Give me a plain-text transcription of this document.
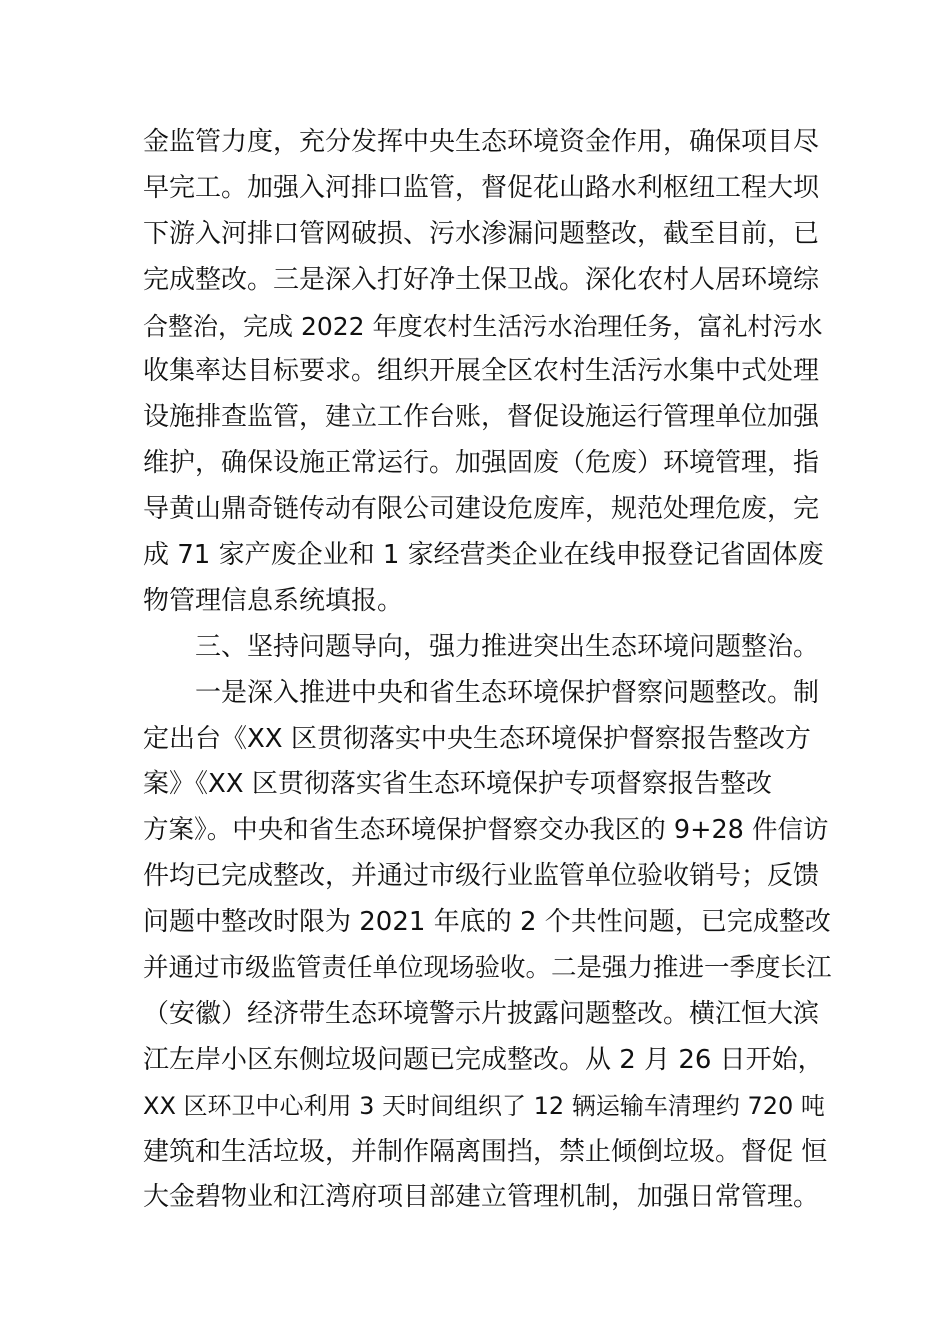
金监管力度，充分发挥中央生态环境资金作用，确保项目尽
早完工。加强入河排口监管，督促花山路水利枢纽工程大坝
下游入河排口管网破损、污水渗漏问题整改，截至目前，已
完成整改。三是深入打好净土保卫战。深化农村人居环境综
合整治，完成 2022 年度农村生活污水治理任务，富礼村污水
收集率达目标要求。组织开展全区农村生活污水集中式处理
设施排查监管，建立工作台账，督促设施运行管理单位加强
维护，确保设施正常运行。加强固废（危废）环境管理，指
导黄山鼎奇链传动有限公司建设危废库，规范处理危废，完
成 71 家产废企业和 1 家经营类企业在线申报登记省固体废
物管理信息系统填报。
三、坚持问题导向，强力推进突出生态环境问题整治。
一是深入推进中央和省生态环境保护督察问题整改。制
定出台《XX 区贯彻落实中央生态环境保护督察报告整改方
案》《XX 区贯彻落实省生态环境保护专项督察报告整改
方案》。中央和省生态环境保护督察交办我区的 9+28 件信访
件均已完成整改，并通过市级行业监管单位验收销号；反馈
问题中整改时限为 2021 年底的 2 个共性问题，已完成整改
并通过市级监管责任单位现场验收。二是强力推进一季度长江
（安徽）经济带生态环境警示片披露问题整改。横江恒大滨
江左岸小区东侧垃圾问题已完成整改。从 2 月 26 日开始，
XX 区环卫中心利用 3 天时间组织了 12 辆运输车清理约 720 吨
建筑和生活垃圾，并制作隔离围挡，禁止倾倒垃圾。督促 恒
大金碧物业和江湾府项目部建立管理机制，加强日常管理。
